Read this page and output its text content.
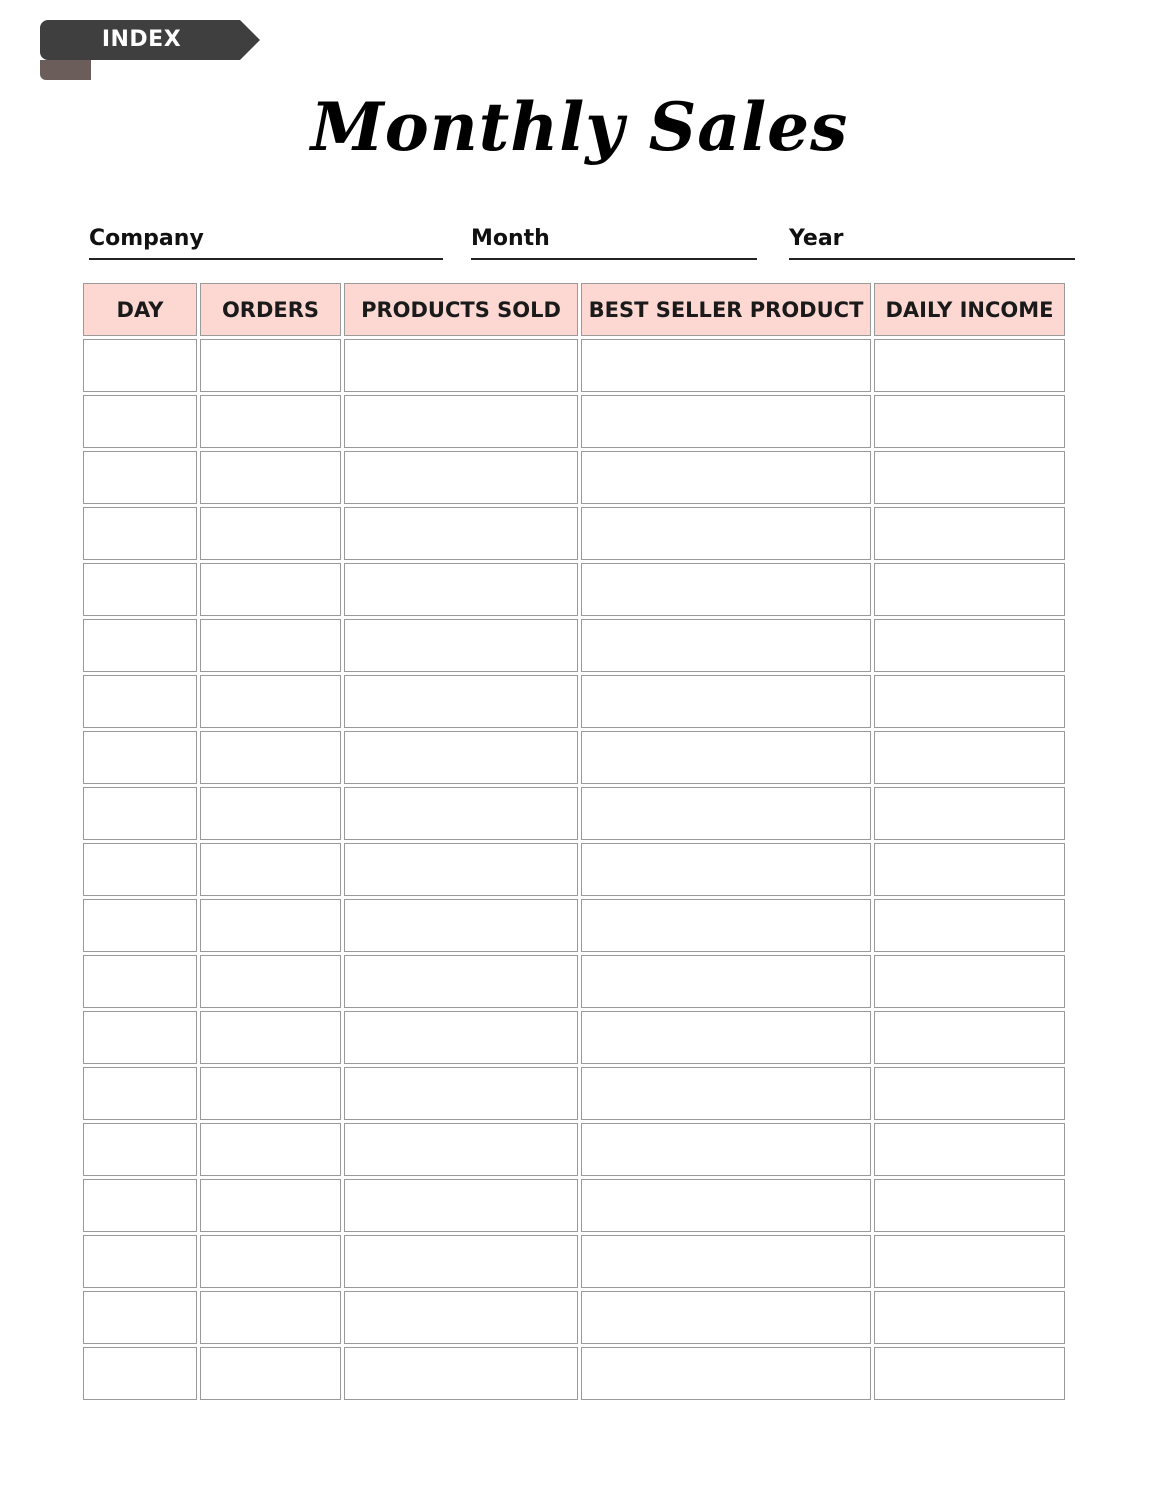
INDEX
Monthly Sales
Company	Month	Year
DAY	ORDERS	PRODUCTS SOLD	BEST SELLER PRODUCT	DAILY INCOME
